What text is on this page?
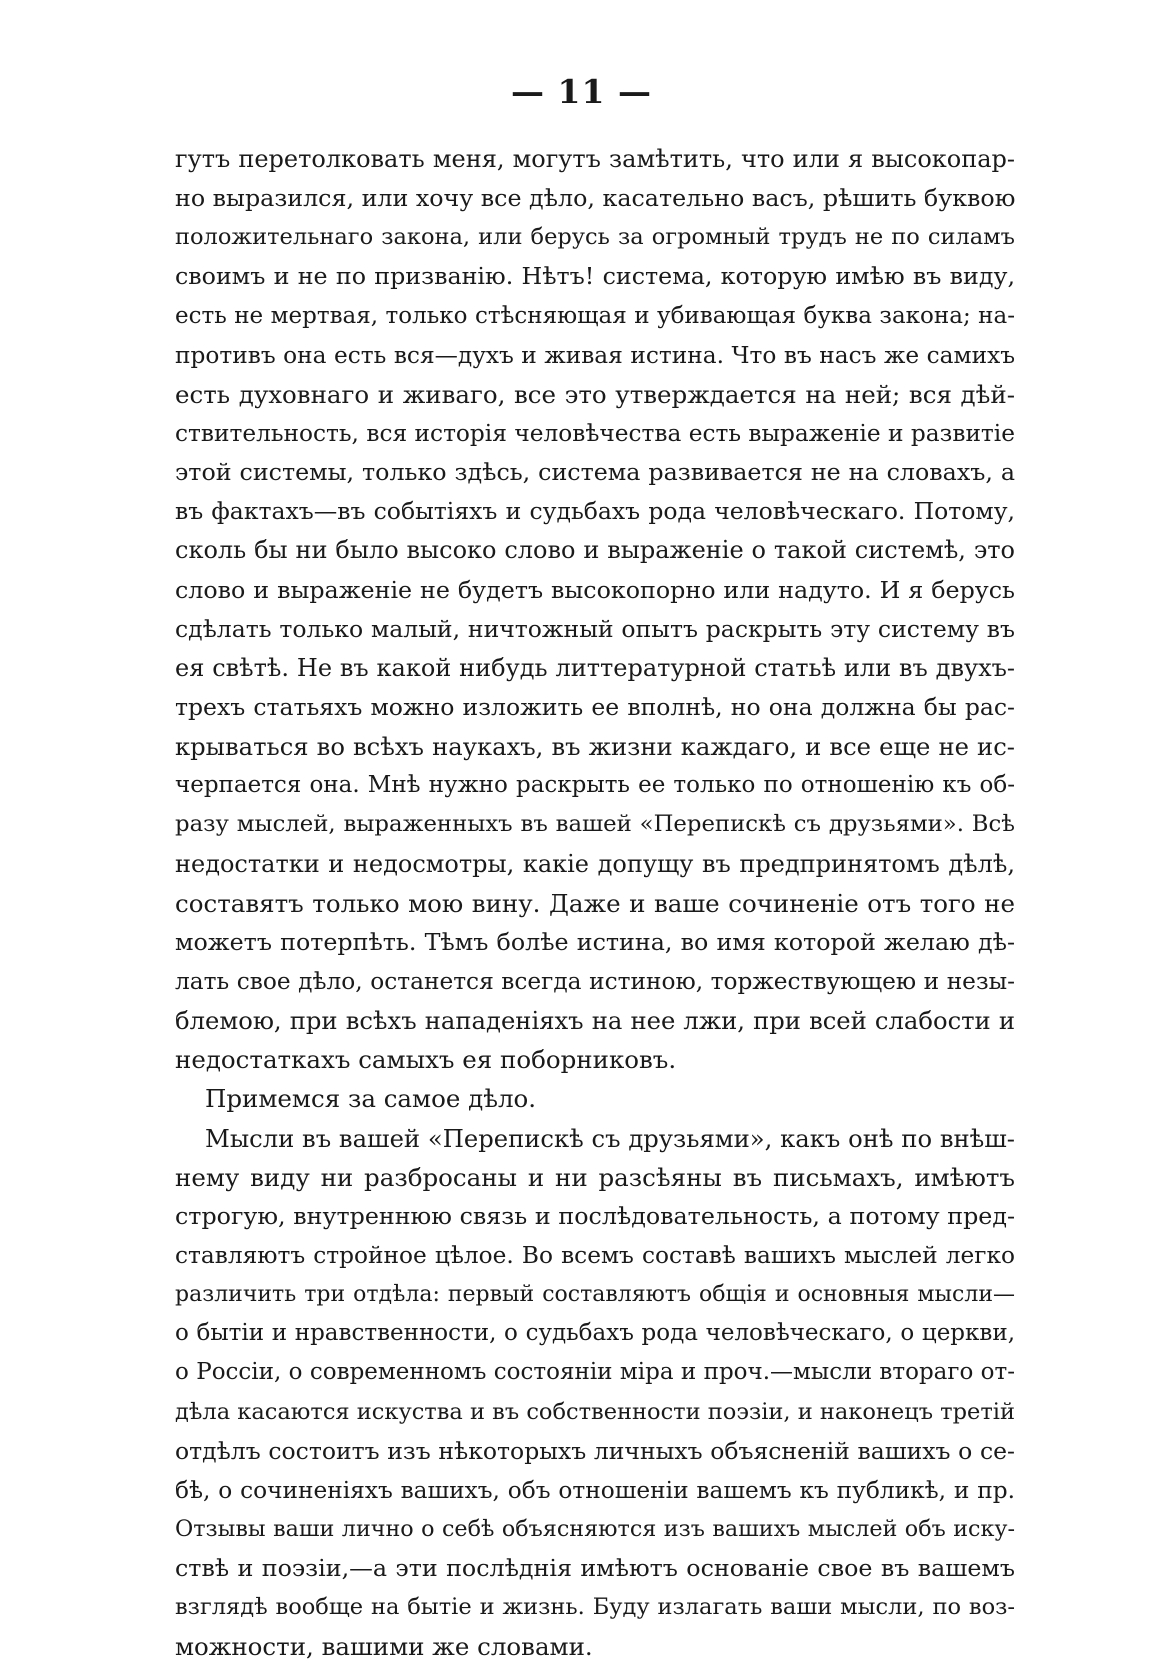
— 11 —
гутъ перетолковать меня, могутъ замѣтить, что или я высокопар-
но выразился, или хочу все дѣло, касательно васъ, рѣшить буквою
положительнаго закона, или берусь за огромный трудъ не по силамъ
своимъ и не по призванію. Нѣтъ! система, которую имѣю въ виду,
есть не мертвая, только стѣсняющая и убивающая буква закона; на-
противъ она есть вся—духъ и живая истина. Что въ насъ же самихъ
есть духовнаго и живаго, все это утверждается на ней; вся дѣй-
ствительность, вся исторія человѣчества есть выраженіе и развитіе
этой системы, только здѣсь, система развивается не на словахъ, а
въ фактахъ—въ событіяхъ и судьбахъ рода человѣческаго. Потому,
сколь бы ни было высоко слово и выраженіе о такой системѣ, это
слово и выраженіе не будетъ высокопорно или надуто. И я берусь
сдѣлать только малый, ничтожный опытъ раскрыть эту систему въ
ея свѣтѣ. Не въ какой нибудь литтературной статьѣ или въ двухъ-
трехъ статьяхъ можно изложить ее вполнѣ, но она должна бы рас-
крываться во всѣхъ наукахъ, въ жизни каждаго, и все еще не ис-
черпается она. Мнѣ нужно раскрыть ее только по отношенію къ об-
разу мыслей, выраженныхъ въ вашей «Перепискѣ съ друзьями». Всѣ
недостатки и недосмотры, какіе допущу въ предпринятомъ дѣлѣ,
составятъ только мою вину. Даже и ваше сочиненіе отъ того не
можетъ потерпѣть. Тѣмъ болѣе истина, во имя которой желаю дѣ-
лать свое дѣло, останется всегда истиною, торжествующею и незы-
блемою, при всѣхъ нападеніяхъ на нее лжи, при всей слабости и
недостаткахъ самыхъ ея поборниковъ.
Примемся за самое дѣло.
Мысли въ вашей «Перепискѣ съ друзьями», какъ онѣ по внѣш-
нему виду ни разбросаны и ни разсѣяны въ письмахъ, имѣютъ
строгую, внутреннюю связь и послѣдовательность, а потому пред-
ставляютъ стройное цѣлое. Во всемъ составѣ вашихъ мыслей легко
различить три отдѣла: первый составляютъ общія и основныя мысли—
о бытіи и нравственности, о судьбахъ рода человѣческаго, о церкви,
о Россіи, о современномъ состояніи міра и проч.—мысли втораго от-
дѣла касаются искуства и въ собственности поэзіи, и наконецъ третій
отдѣлъ состоитъ изъ нѣкоторыхъ личныхъ объясненій вашихъ о се-
бѣ, о сочиненіяхъ вашихъ, объ отношеніи вашемъ къ публикѣ, и пр.
Отзывы ваши лично о себѣ объясняются изъ вашихъ мыслей объ иску-
ствѣ и поэзіи,—а эти послѣднія имѣютъ основаніе свое въ вашемъ
взглядѣ вообще на бытіе и жизнь. Буду излагать ваши мысли, по воз-
можности, вашими же словами.
